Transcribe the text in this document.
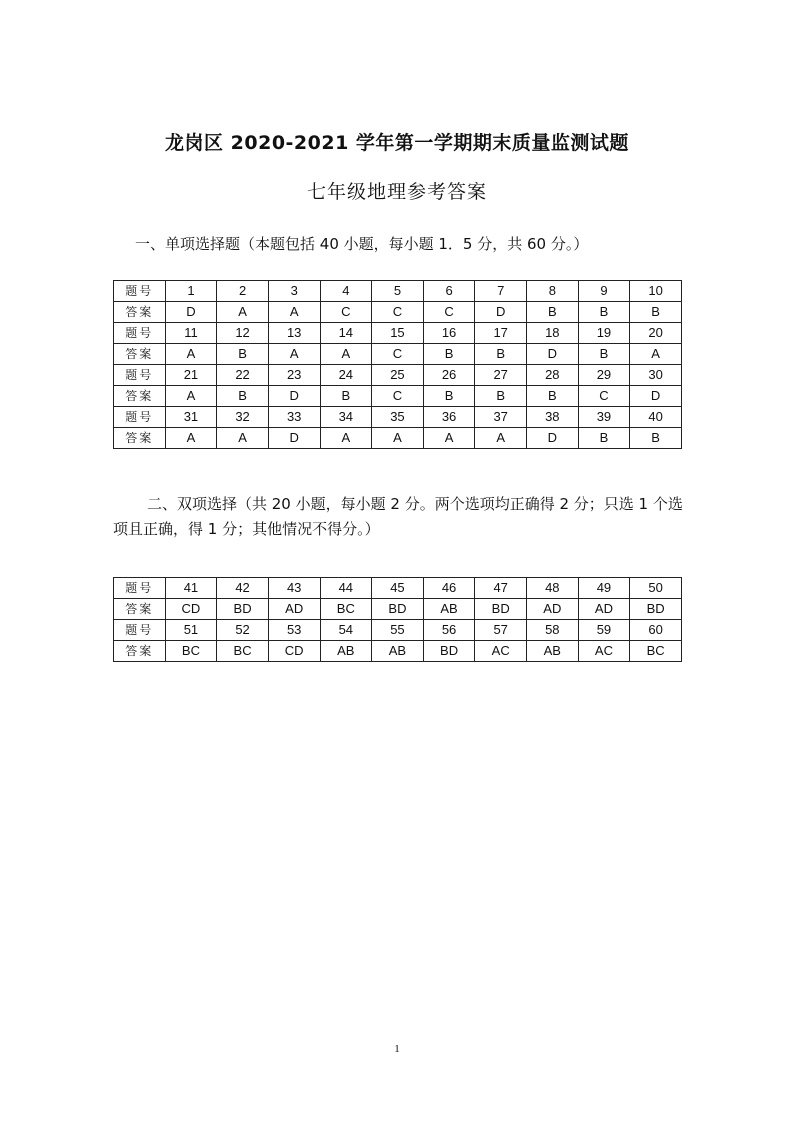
龙岗区 2020-2021 学年第一学期期末质量监测试题
七年级地理参考答案
一、单项选择题（本题包括 40 小题，每小题 1．5 分，共 60 分。）
题号	1	2	3	4	5	6	7	8	9	10
答案	D	A	A	C	C	C	D	B	B	B
题号	11	12	13	14	15	16	17	18	19	20
答案	A	B	A	A	C	B	B	D	B	A
题号	21	22	23	24	25	26	27	28	29	30
答案	A	B	D	B	C	B	B	B	C	D
题号	31	32	33	34	35	36	37	38	39	40
答案	A	A	D	A	A	A	A	D	B	B
二、双项选择（共 20 小题，每小题 2 分。两个选项均正确得 2 分；只选 1 个选项且正确，得 1 分；其他情况不得分。）
题号	41	42	43	44	45	46	47	48	49	50
答案	CD	BD	AD	BC	BD	AB	BD	AD	AD	BD
题号	51	52	53	54	55	56	57	58	59	60
答案	BC	BC	CD	AB	AB	BD	AC	AB	AC	BC
1
